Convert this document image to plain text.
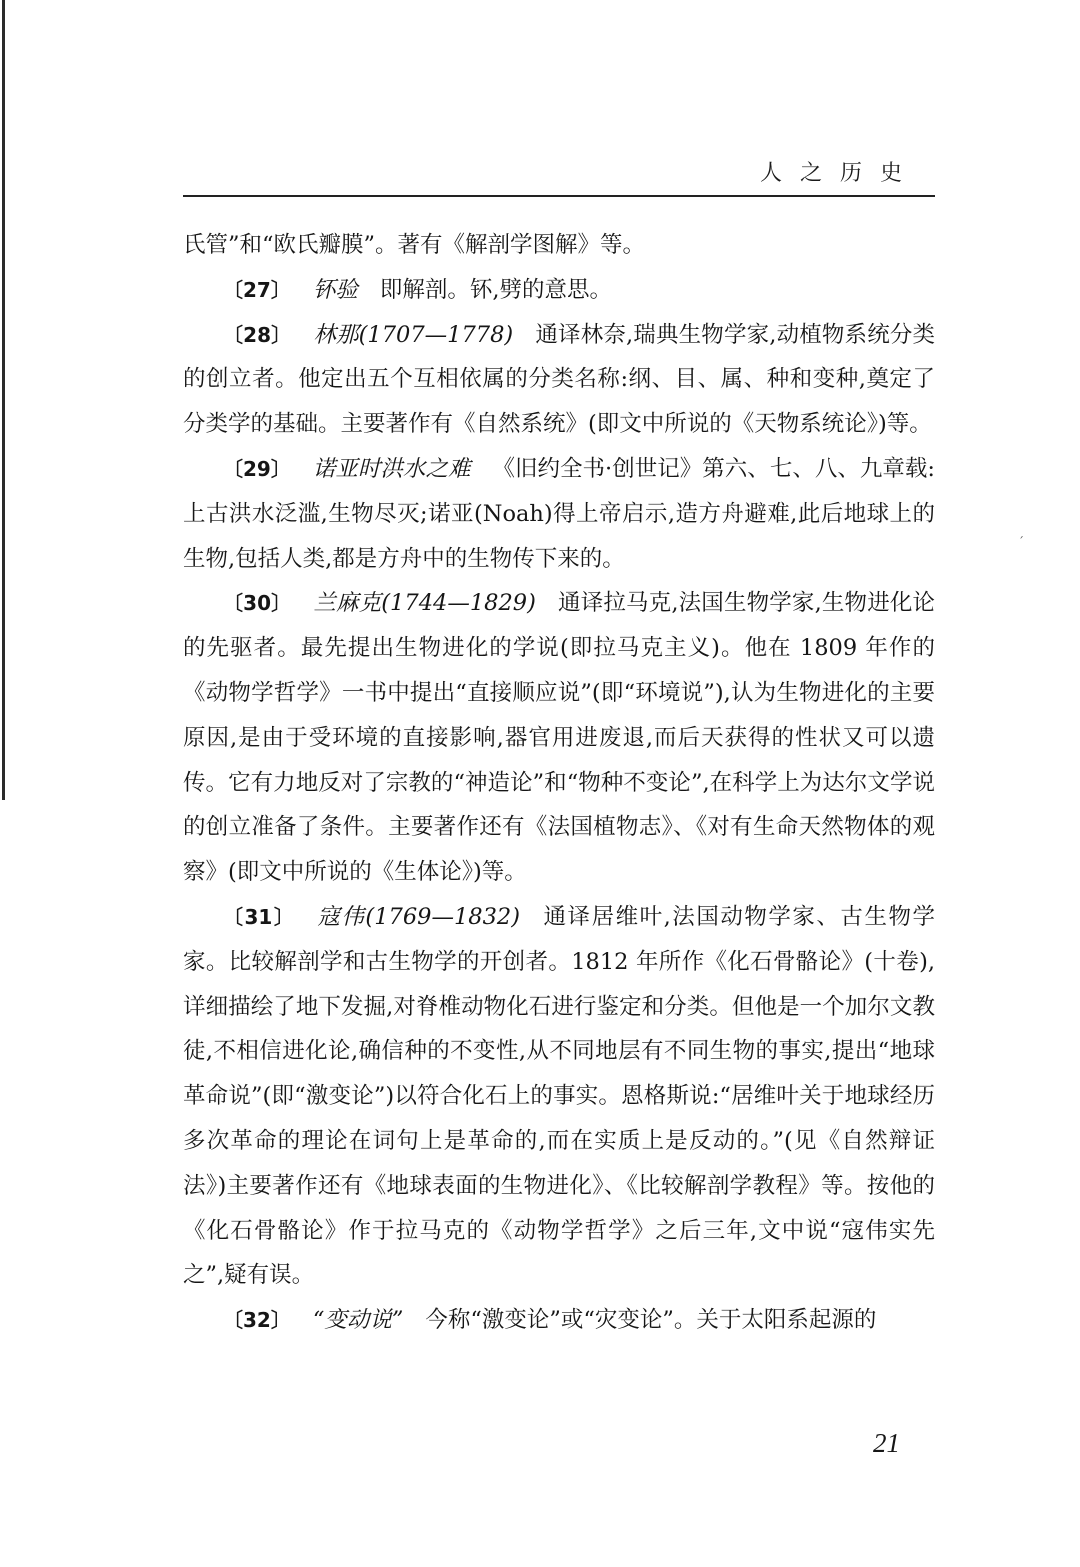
ˊ
人之历史

氏管”和“欧氏瓣膜”。著有《解剖学图解》等。

〔27〕 钚验 即解剖。钚,劈的意思。

〔28〕 林那(1707—1778) 通译林奈,瑞典生物学家,动植物系统分类的创立者。他定出五个互相依属的分类名称:纲、目、属、种和变种,奠定了分类学的基础。主要著作有《自然系统》(即文中所说的《天物系统论》)等。

〔29〕 诺亚时洪水之难 《旧约全书·创世记》第六、七、八、九章载:上古洪水泛滥,生物尽灭;诺亚(Noah)得上帝启示,造方舟避难,此后地球上的生物,包括人类,都是方舟中的生物传下来的。

〔30〕 兰麻克(1744—1829) 通译拉马克,法国生物学家,生物进化论的先驱者。最先提出生物进化的学说(即拉马克主义)。他在 1809 年作的《动物学哲学》一书中提出“直接顺应说”(即“环境说”),认为生物进化的主要原因,是由于受环境的直接影响,器官用进废退,而后天获得的性状又可以遗传。它有力地反对了宗教的“神造论”和“物种不变论”,在科学上为达尔文学说的创立准备了条件。主要著作还有《法国植物志》、《对有生命天然物体的观察》(即文中所说的《生体论》)等。

〔31〕 寇伟(1769—1832) 通译居维叶,法国动物学家、古生物学家。比较解剖学和古生物学的开创者。1812 年所作《化石骨骼论》(十卷),详细描绘了地下发掘,对脊椎动物化石进行鉴定和分类。但他是一个加尔文教徒,不相信进化论,确信种的不变性,从不同地层有不同生物的事实,提出“地球革命说”(即“激变论”)以符合化石上的事实。恩格斯说:“居维叶关于地球经历多次革命的理论在词句上是革命的,而在实质上是反动的。”(见《自然辩证法》)主要著作还有《地球表面的生物进化》、《比较解剖学教程》等。按他的《化石骨骼论》作于拉马克的《动物学哲学》之后三年,文中说“寇伟实先之”,疑有误。

〔32〕 “变动说” 今称“激变论”或“灾变论”。关于太阳系起源的

21
